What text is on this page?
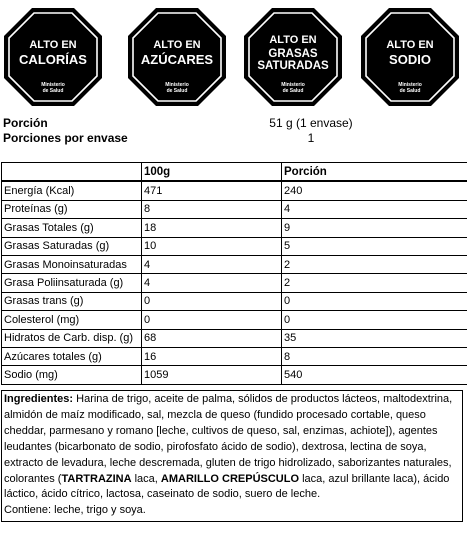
ALTO EN
CALORÍAS
Ministerio
de Salud
ALTO EN
AZÚCARES
Ministerio
de Salud
ALTO EN
GRASAS
SATURADAS
Ministerio
de Salud
ALTO EN
SODIO
Ministerio
de Salud
Porción	51 g (1 envase)
Porciones por envase	1
	100g	Porción
Energía (Kcal)	471	240
Proteínas (g)	8	4
Grasas Totales (g)	18	9
Grasas Saturadas (g)	10	5
Grasas Monoinsaturadas	4	2
Grasa Poliinsaturada (g)	4	2
Grasas trans (g)	0	0
Colesterol (mg)	0	0
Hidratos de Carb. disp. (g)	68	35
Azúcares totales (g)	16	8
Sodio (mg)	1059	540
Ingredientes: Harina de trigo, aceite de palma, sólidos de productos lácteos, maltodextrina, almidón de maíz modificado, sal, mezcla de queso (fundido procesado cortable, queso cheddar, parmesano y romano [leche, cultivos de queso, sal, enzimas, achiote]), agentes leudantes (bicarbonato de sodio, pirofosfato ácido de sodio), dextrosa, lectina de soya, extracto de levadura, leche descremada, gluten de trigo hidrolizado, saborizantes naturales, colorantes (TARTRAZINA laca, AMARILLO CREPÚSCULO laca, azul brillante laca), ácido láctico, ácido cítrico, lactosa, caseinato de sodio, suero de leche.
Contiene: leche, trigo y soya.
